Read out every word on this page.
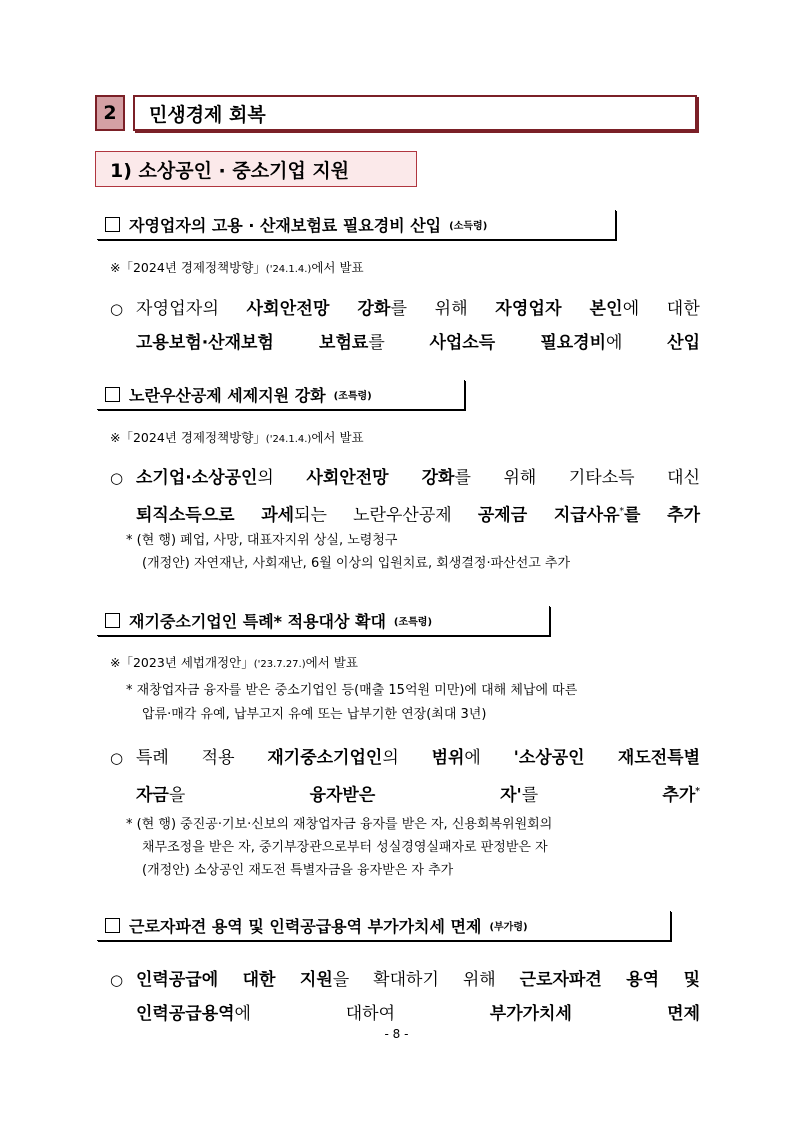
2 민생경제 회복
1) 소상공인 · 중소기업 지원
자영업자의 고용 · 산재보험료 필요경비 산입 (소득령)
※「2024년 경제정책방향」('24.1.4.)에서 발표
○ 자영업자의 사회안전망 강화를 위해 자영업자 본인에 대한
고용보험·산재보험 보험료를 사업소득 필요경비에 산입
노란우산공제 세제지원 강화 (조특령)
※「2024년 경제정책방향」('24.1.4.)에서 발표
○ 소기업·소상공인의 사회안전망 강화를 위해 기타소득 대신
퇴직소득으로 과세되는 노란우산공제 공제금 지급사유*를 추가
* (현 행) 폐업, 사망, 대표자지위 상실, 노령청구
(개정안) 자연재난, 사회재난, 6월 이상의 입원치료, 회생결정·파산선고 추가
재기중소기업인 특례* 적용대상 확대 (조특령)
※「2023년 세법개정안」('23.7.27.)에서 발표
* 재창업자금 융자를 받은 중소기업인 등(매출 15억원 미만)에 대해 체납에 따른
압류·매각 유예, 납부고지 유예 또는 납부기한 연장(최대 3년)
○ 특례 적용 재기중소기업인의 범위에 '소상공인 재도전특별
자금을 융자받은 자'를 추가*
* (현 행) 중진공·기보·신보의 재창업자금 융자를 받은 자, 신용회복위원회의
채무조정을 받은 자, 중기부장관으로부터 성실경영실패자로 판정받은 자
(개정안) 소상공인 재도전 특별자금을 융자받은 자 추가
근로자파견 용역 및 인력공급용역 부가가치세 면제 (부가령)
○ 인력공급에 대한 지원을 확대하기 위해 근로자파견 용역 및
인력공급용역에 대하여 부가가치세 면제
- 8 -
